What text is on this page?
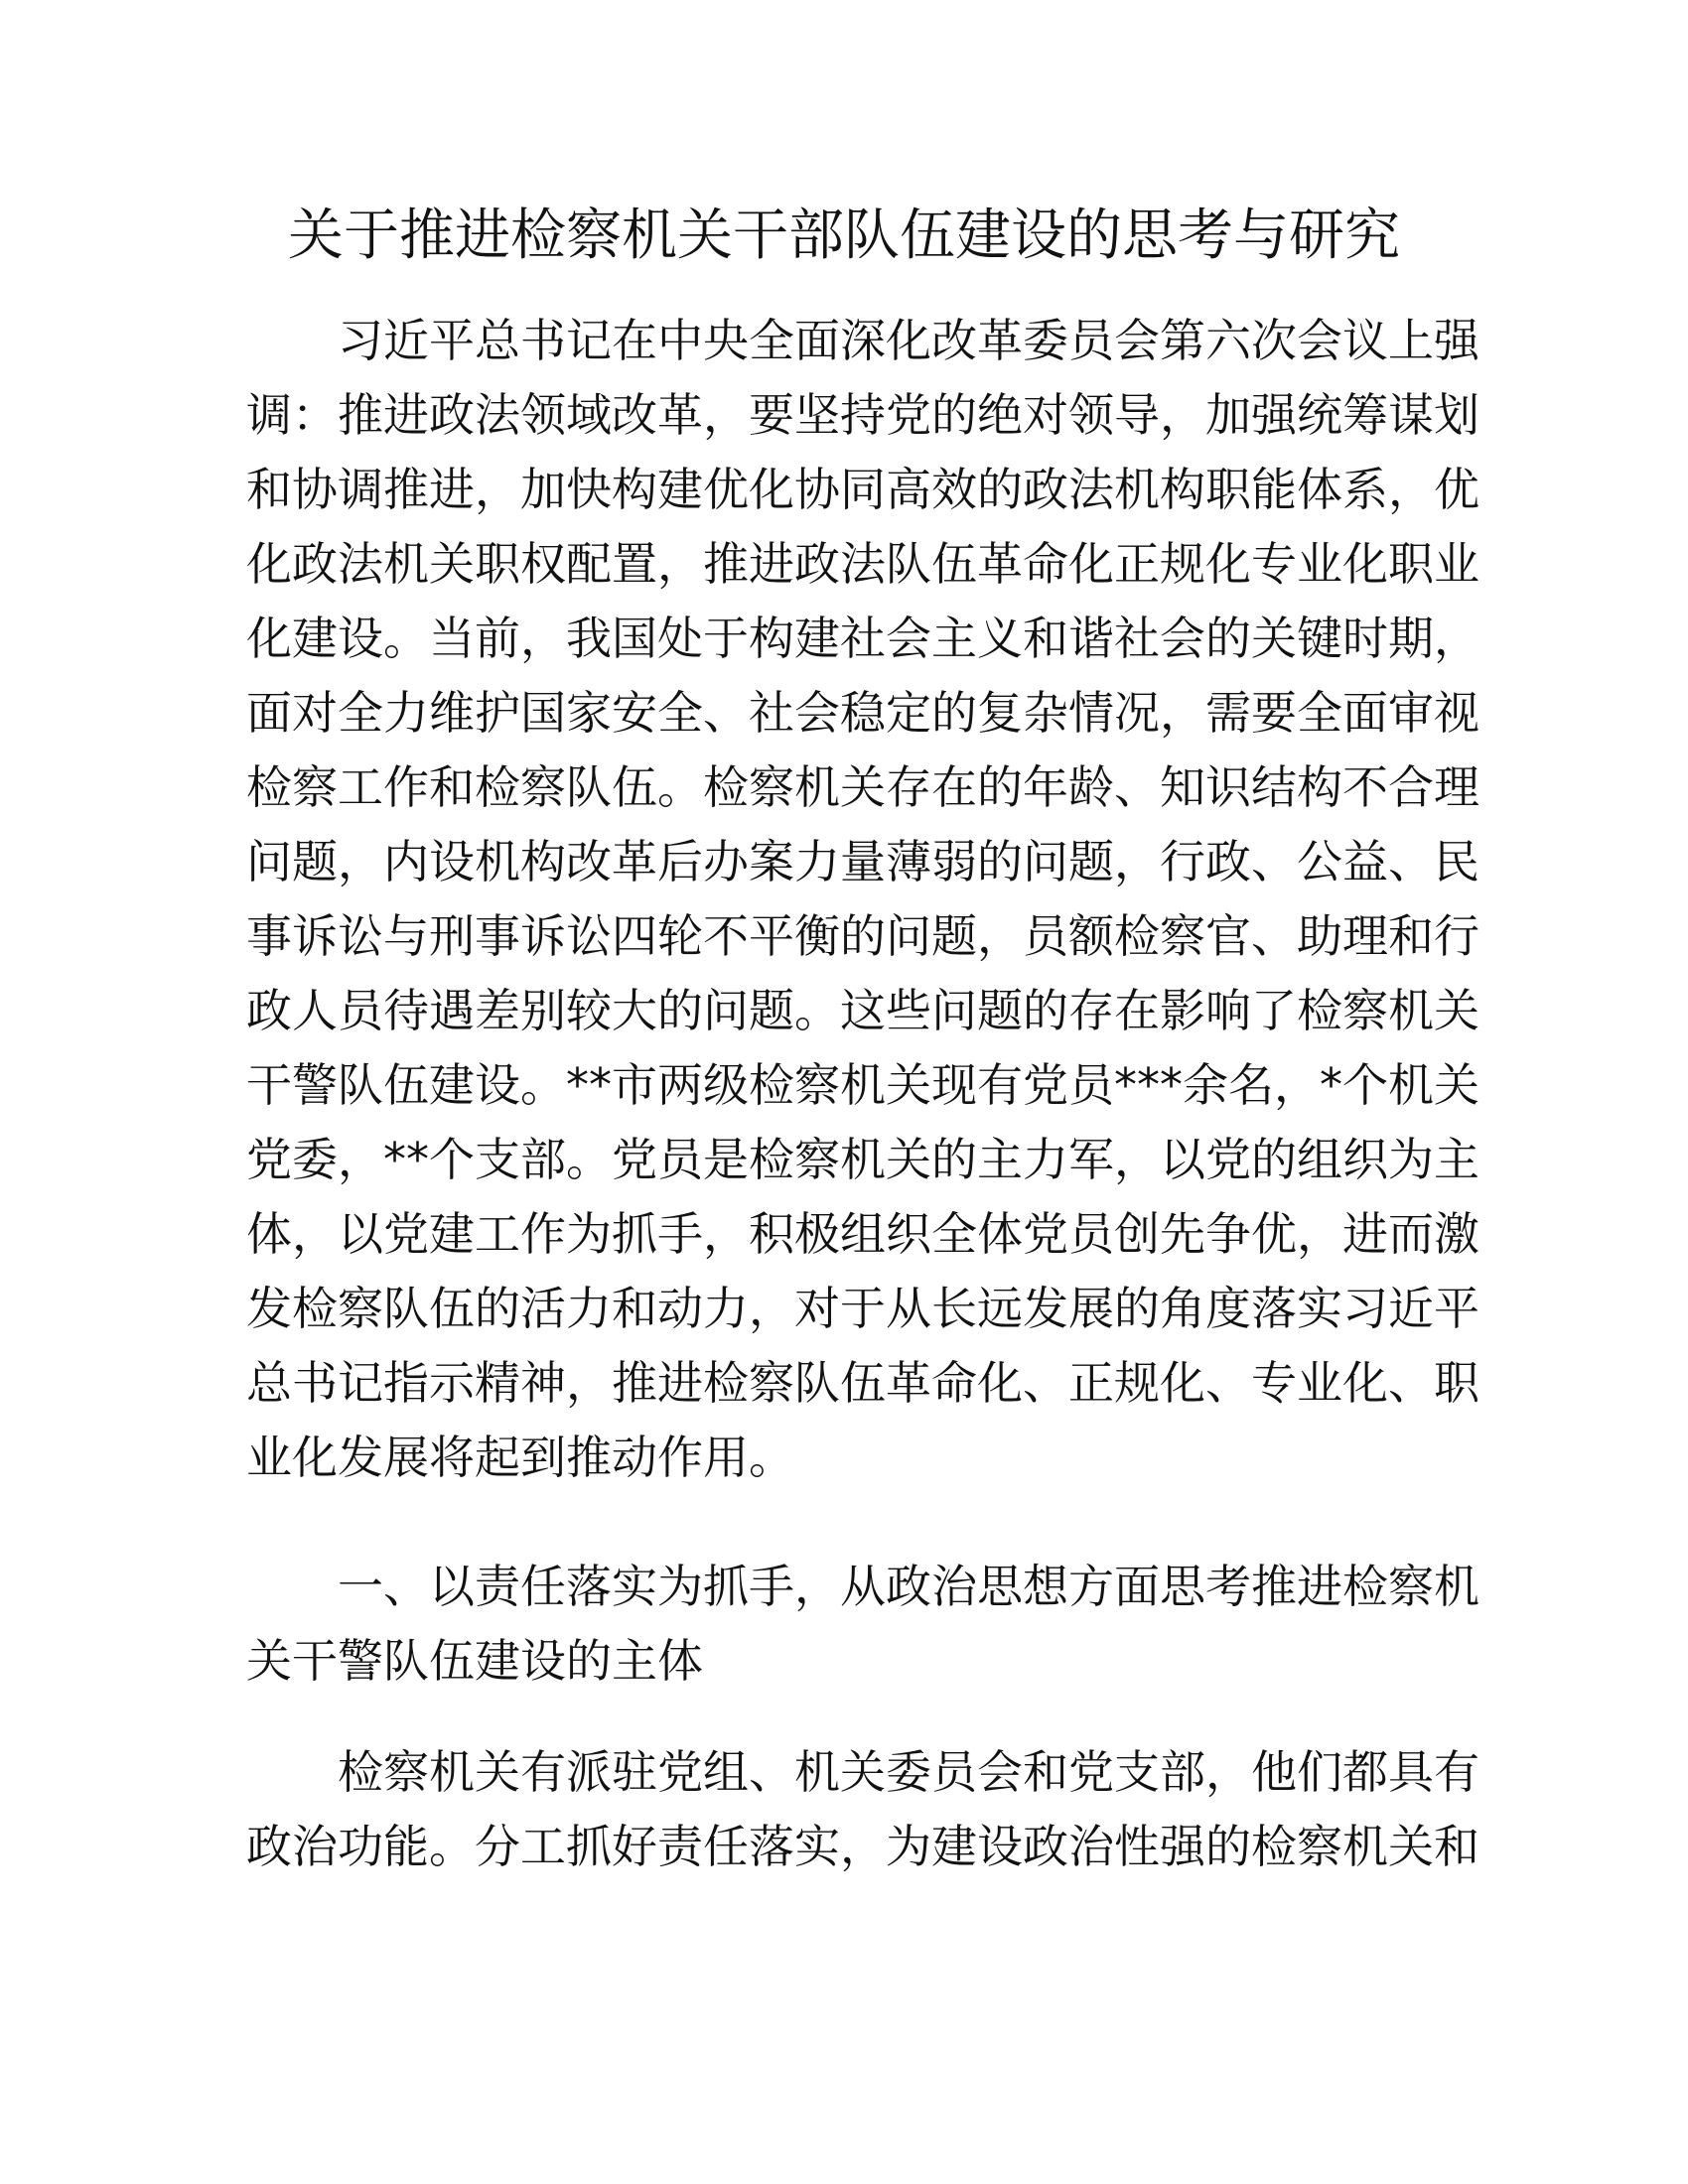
关于推进检察机关干部队伍建设的思考与研究

习近平总书记在中央全面深化改革委员会第六次会议上强

调：推进政法领域改革，要坚持党的绝对领导，加强统筹谋划

和协调推进，加快构建优化协同高效的政法机构职能体系，优

化政法机关职权配置，推进政法队伍革命化正规化专业化职业

化建设。当前，我国处于构建社会主义和谐社会的关键时期，

面对全力维护国家安全、社会稳定的复杂情况，需要全面审视

检察工作和检察队伍。检察机关存在的年龄、知识结构不合理

问题，内设机构改革后办案力量薄弱的问题，行政、公益、民

事诉讼与刑事诉讼四轮不平衡的问题，员额检察官、助理和行

政人员待遇差别较大的问题。这些问题的存在影响了检察机关

干警队伍建设。**市两级检察机关现有党员***余名，*个机关

党委，**个支部。党员是检察机关的主力军，以党的组织为主

体，以党建工作为抓手，积极组织全体党员创先争优，进而激

发检察队伍的活力和动力，对于从长远发展的角度落实习近平

总书记指示精神，推进检察队伍革命化、正规化、专业化、职

业化发展将起到推动作用。

一、以责任落实为抓手，从政治思想方面思考推进检察机

关干警队伍建设的主体

检察机关有派驻党组、机关委员会和党支部，他们都具有

政治功能。分工抓好责任落实，为建设政治性强的检察机关和
